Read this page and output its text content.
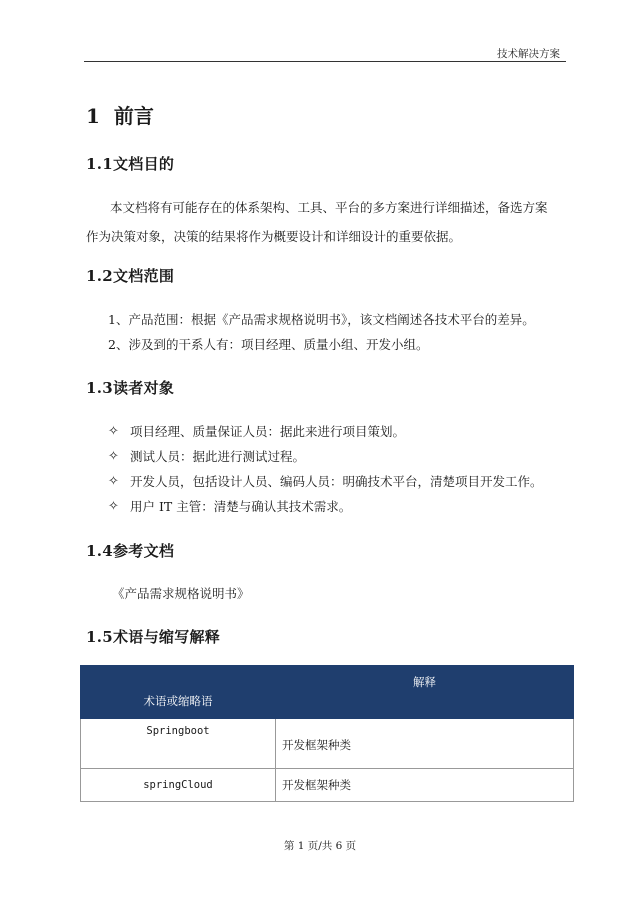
技术解决方案
1 前言
1.1文档目的
本文档将有可能存在的体系架构、工具、平台的多方案进行详细描述，备选方案
作为决策对象，决策的结果将作为概要设计和详细设计的重要依据。
1.2文档范围
1、产品范围：根据《产品需求规格说明书》，该文档阐述各技术平台的差异。
2、涉及到的干系人有：项目经理、质量小组、开发小组。
1.3读者对象
✧ 项目经理、质量保证人员：据此来进行项目策划。
✧ 测试人员：据此进行测试过程。
✧ 开发人员，包括设计人员、编码人员：明确技术平台，清楚项目开发工作。
✧ 用户 IT 主管：清楚与确认其技术需求。
1.4参考文档
《产品需求规格说明书》
1.5术语与缩写解释
术语或缩略语	解释
Springboot	开发框架种类
springCloud	开发框架种类
第 1 页/共 6 页
